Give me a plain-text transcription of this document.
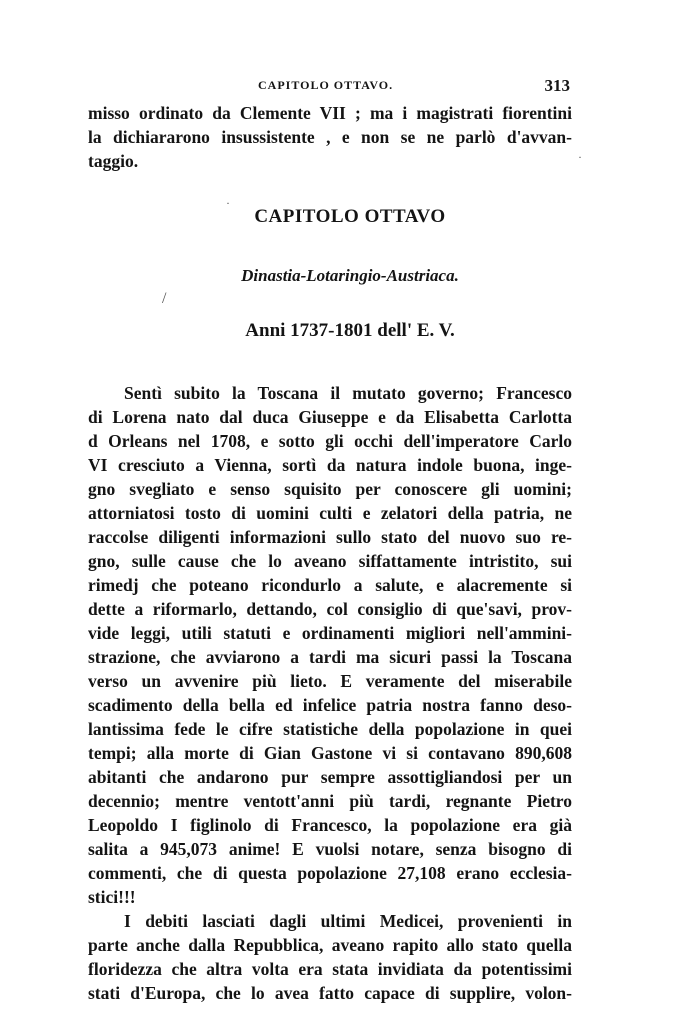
CAPITOLO OTTAVO.	313
misso ordinato da Clemente VII ; ma i magistrati fiorentini
la dichiararono insussistente , e non se ne parlò d'avvan-
taggio.
CAPITOLO OTTAVO
Dinastia-Lotaringio-Austriaca.
Anni 1737-1801 dell' E. V.
Sentì subito la Toscana il mutato governo; Francesco
di Lorena nato dal duca Giuseppe e da Elisabetta Carlotta
d Orleans nel 1708, e sotto gli occhi dell'imperatore Carlo
VI cresciuto a Vienna, sortì da natura indole buona, inge-
gno svegliato e senso squisito per conoscere gli uomini;
attorniatosi tosto di uomini culti e zelatori della patria, ne
raccolse diligenti informazioni sullo stato del nuovo suo re-
gno, sulle cause che lo aveano siffattamente intristito, sui
rimedj che poteano ricondurlo a salute, e alacremente si
dette a riformarlo, dettando, col consiglio di que'savi, prov-
vide leggi, utili statuti e ordinamenti migliori nell'ammini-
strazione, che avviarono a tardi ma sicuri passi la Toscana
verso un avvenire più lieto. E veramente del miserabile
scadimento della bella ed infelice patria nostra fanno deso-
lantissima fede le cifre statistiche della popolazione in quei
tempi; alla morte di Gian Gastone vi si contavano 890,608
abitanti che andarono pur sempre assottigliandosi per un
decennio; mentre ventott'anni più tardi, regnante Pietro
Leopoldo I figlinolo di Francesco, la popolazione era già
salita a 945,073 anime! E vuolsi notare, senza bisogno di
commenti, che di questa popolazione 27,108 erano ecclesia-
stici!!!
I debiti lasciati dagli ultimi Medicei, provenienti in
parte anche dalla Repubblica, aveano rapito allo stato quella
floridezza che altra volta era stata invidiata da potentissimi
stati d'Europa, che lo avea fatto capace di supplire, volon-
/
·
·
